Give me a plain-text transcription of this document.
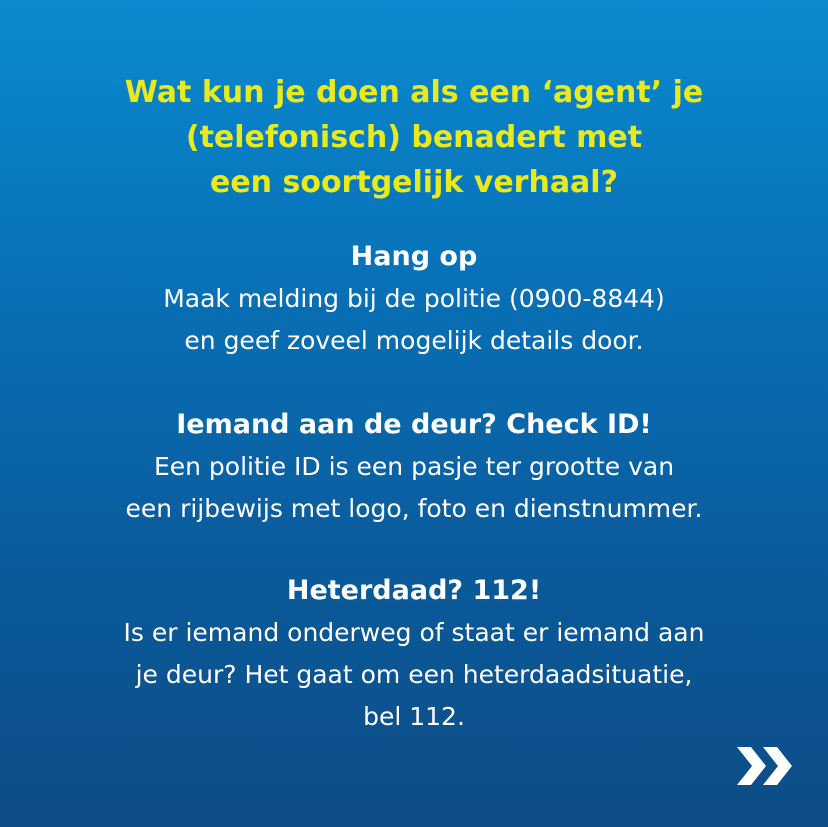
Wat kun je doen als een ‘agent’ je
(telefonisch) benadert met
een soortgelijk verhaal?
Hang op
Maak melding bij de politie (0900-8844)
en geef zoveel mogelijk details door.
Iemand aan de deur? Check ID!
Een politie ID is een pasje ter grootte van
een rijbewijs met logo, foto en dienstnummer.
Heterdaad? 112!
Is er iemand onderweg of staat er iemand aan
je deur? Het gaat om een heterdaadsituatie,
bel 112.
